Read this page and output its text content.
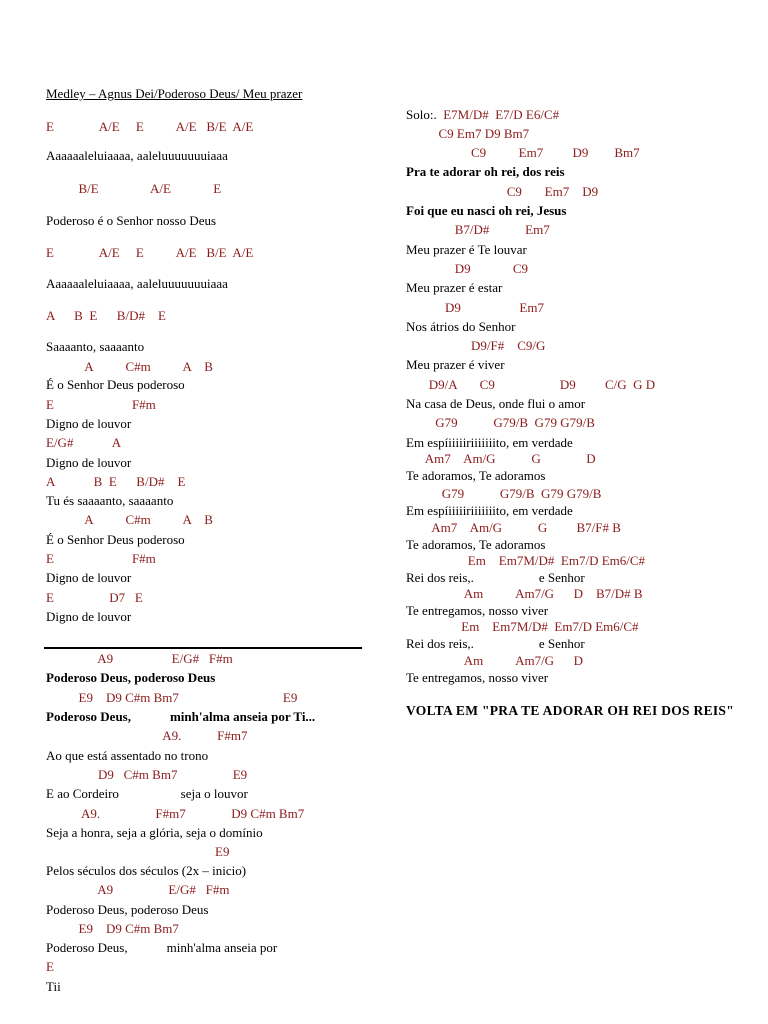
Medley – Agnus Dei/Poderoso Deus/ Meu prazer
E              A/E     E          A/E   B/E  A/E
Aaaaaaleluiaaaa, aaleluuuuuuuiaaa
B/E                A/E             E
Poderoso é o Senhor nosso Deus
E              A/E     E          A/E   B/E  A/E
Aaaaaaleluiaaaa, aaleluuuuuuuiaaa
A      B  E      B/D#    E
Saaaanto, saaaanto
A          C#m          A    B
É o Senhor Deus poderoso
E                        F#m
Digno de louvor
E/G#            A
Digno de louvor
A            B  E      B/D#    E
Tu és saaaanto, saaaanto
A          C#m          A    B
É o Senhor Deus poderoso
E                        F#m
Digno de louvor
E                 D7   E
Digno de louvor
A9                  E/G#   F#m
Poderoso Deus, poderoso Deus
E9    D9 C#m Bm7                                E9
Poderoso Deus,            minh'alma anseia por Ti...
A9.           F#m7
Ao que está assentado no trono
D9   C#m Bm7                 E9
E ao Cordeiro                   seja o louvor
A9.                 F#m7              D9 C#m Bm7
Seja a honra, seja a glória, seja o domínio
E9
Pelos séculos dos séculos (2x – inicio)
A9                 E/G#   F#m
Poderoso Deus, poderoso Deus
E9    D9 C#m Bm7
Poderoso Deus,            minh'alma anseia por
E
Tii
Solo:.  E7M/D#  E7/D E6/C#
C9 Em7 D9 Bm7
C9          Em7         D9        Bm7
Pra te adorar oh rei, dos reis
C9       Em7    D9
Foi que eu nasci oh rei, Jesus
B7/D#           Em7
Meu prazer é Te louvar
D9             C9
Meu prazer é estar
D9                  Em7
Nos átrios do Senhor
D9/F#    C9/G
Meu prazer é viver
D9/A       C9                    D9         C/G  G D
Na casa de Deus, onde flui o amor
G79           G79/B  G79 G79/B
Em espíiiiiiriiiiiiito, em verdade
Am7    Am/G           G              D
Te adoramos, Te adoramos
G79           G79/B  G79 G79/B
Em espíiiiiiriiiiiiito, em verdade
Am7    Am/G           G         B7/F# B
Te adoramos, Te adoramos
Em    Em7M/D#  Em7/D Em6/C#
Rei dos reis,.                    e Senhor
Am          Am7/G      D    B7/D# B
Te entregamos, nosso viver
Em    Em7M/D#  Em7/D Em6/C#
Rei dos reis,.                    e Senhor
Am          Am7/G      D
Te entregamos, nosso viver
VOLTA EM "PRA TE ADORAR OH REI DOS REIS"
